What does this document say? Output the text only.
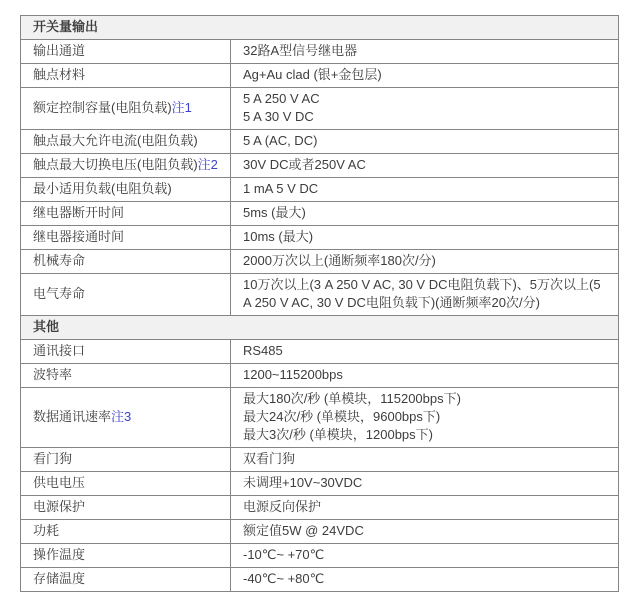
开关量输出	
输出通道	32路A型信号继电器

触点材料	Ag+Au clad (银+金包层)

额定控制容量(电阻负载)注1	5 A 250 V AC
5 A 30 V DC

触点最大允许电流(电阻负载)	5 A (AC, DC)

触点最大切换电压(电阻负载)注2	30V DC或者250V AC

最小适用负载(电阻负载)	1 mA 5 V DC

继电器断开时间	5ms (最大)

继电器接通时间	10ms (最大)

机械寿命	2000万次以上(通断频率180次/分)

电气寿命	10万次以上(3 A 250 V AC, 30 V DC电阻负载下)、5万次以上(5 A 250 V AC, 30 V DC电阻负载下)(通断频率20次/分)

其他	
通讯接口	RS485

波特率	1200~115200bps

数据通讯速率注3	最大180次/秒 (单模块，115200bps下)
最大24次/秒 (单模块，9600bps下)
最大3次/秒 (单模块，1200bps下)

看门狗	双看门狗

供电电压	未调理+10V~30VDC

电源保护	电源反向保护

功耗	额定值5W @ 24VDC

操作温度	-10℃~ +70℃

存储温度	-40℃~ +80℃
